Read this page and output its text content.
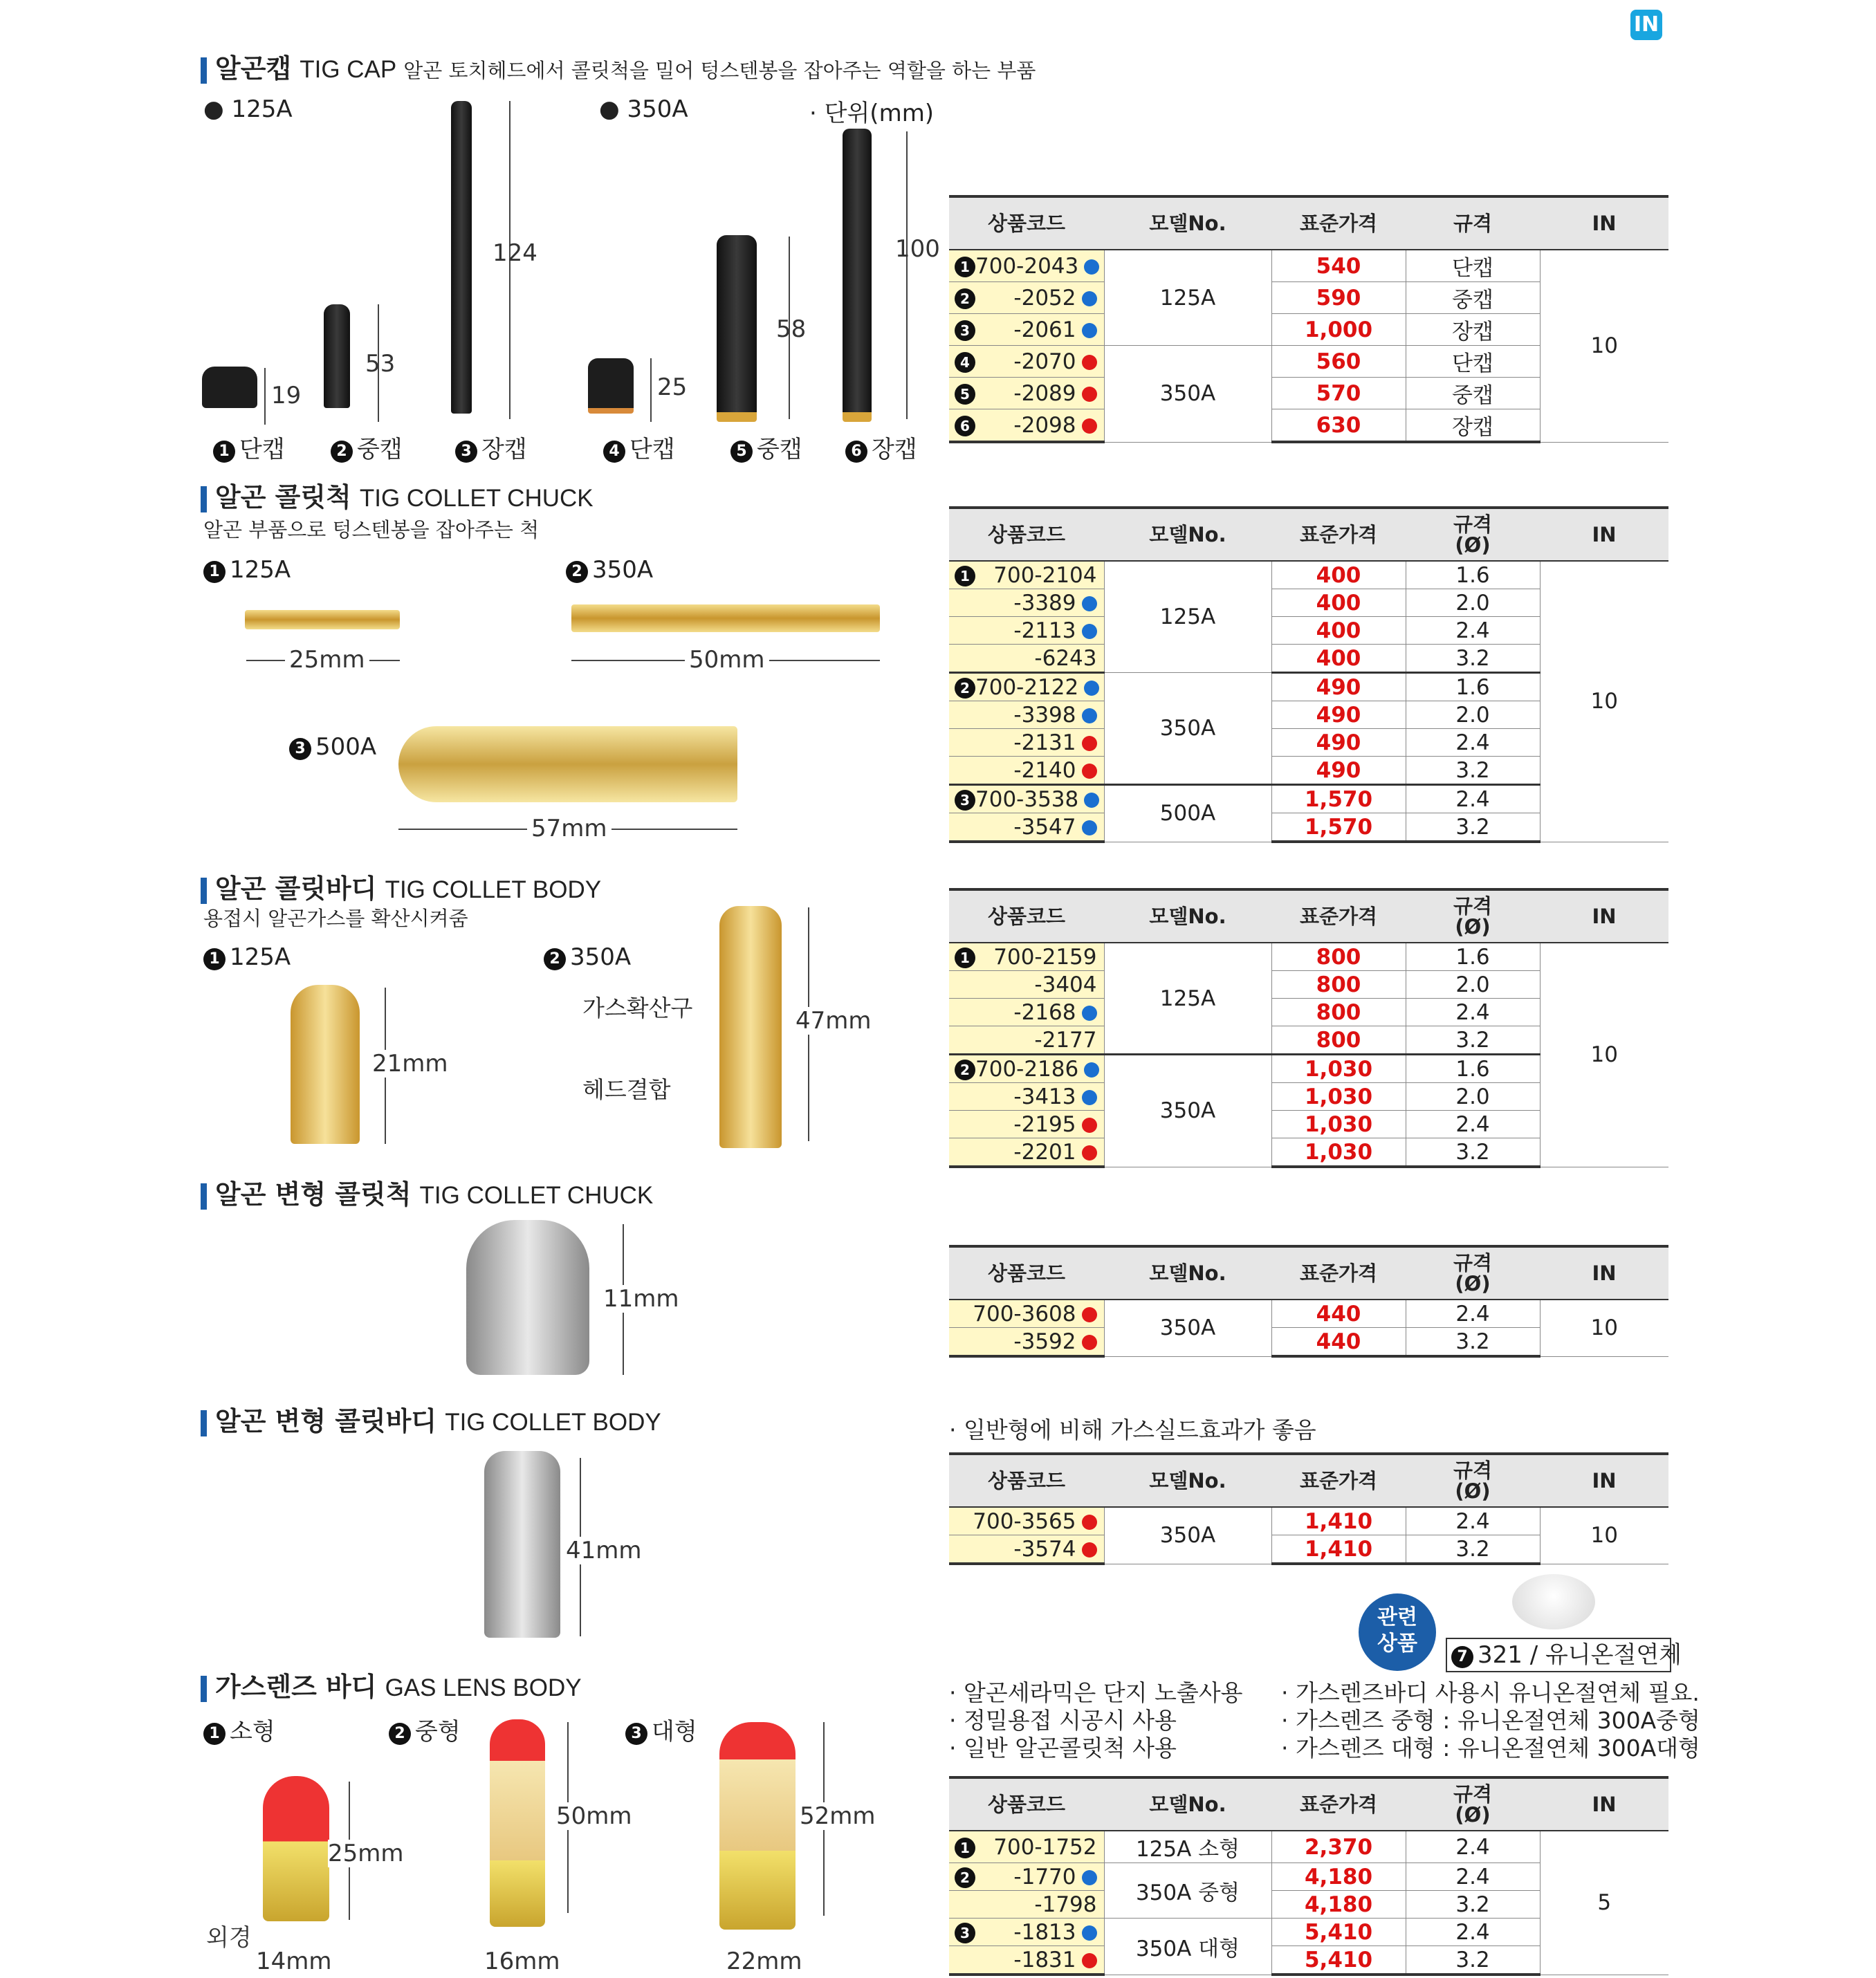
IN
알곤캡 TIG CAP 알곤 토치헤드에서 콜릿척을 밀어 텅스텐봉을 잡아주는 역할을 하는 부품
● 125A	● 350A	· 단위(mm)
19
53
124
25
58
100
1 단캡	2 중캡	3 장캡	4 단캡	5 중캡	6 장캡
상품코드	모델No.	표준가격	규격	IN

1 700-2043	125A	540	단캡	10

2 -2052		590	중캡	

3 -2061		1,000	장캡	

4 -2070	350A	560	단캡	

5 -2089		570	중캡	

6 -2098		630	장캡	
알곤 콜릿척 TIG COLLET CHUCK
알곤 부품으로 텅스텐봉을 잡아주는 척
1 125A	2 350A
3 500A
25mm	50mm
57mm
상품코드	모델No.	표준가격	규격
(Ø)	IN

1 700-2104	125A	400	1.6	10
-3389		400	2.0	
-2113		400	2.4	
-6243		400	3.2	

2 700-2122	350A	490	1.6	
-3398		490	2.0	
-2131		490	2.4	
-2140		490	3.2	

3 700-3538	500A	1,570	2.4	
-3547		1,570	3.2	
알곤 콜릿바디 TIG COLLET BODY
용접시 알곤가스를 확산시켜줌
1 125A	2 350A
21mm
47mm
가스확산구
헤드결합
상품코드	모델No.	표준가격	규격
(Ø)	IN

1 700-2159	125A	800	1.6	10
-3404		800	2.0	
-2168		800	2.4	
-2177		800	3.2	

2 700-2186	350A	1,030	1.6	
-3413		1,030	2.0	
-2195		1,030	2.4	
-2201		1,030	3.2	
알곤 변형 콜릿척 TIG COLLET CHUCK
11mm
상품코드	모델No.	표준가격	규격
(Ø)	IN
700-3608	350A	440	2.4	10
-3592		440	3.2	
알곤 변형 콜릿바디 TIG COLLET BODY
41mm
· 일반형에 비해 가스실드효과가 좋음
상품코드	모델No.	표준가격	규격
(Ø)	IN
700-3565	350A	1,410	2.4	10
-3574		1,410	3.2	
관련
상품
7 321 / 유니온절연체
가스렌즈 바디 GAS LENS BODY
1 소형	2 중형	3 대형
25mm
50mm	52mm
외경
14mm	16mm	22mm
· 알곤세라믹은 단지 노출사용
· 정밀용접 시공시 사용
· 일반 알곤콜릿척 사용
· 가스렌즈바디 사용시 유니온절연체 필요.
· 가스렌즈 중형 : 유니온절연체 300A중형
· 가스렌즈 대형 : 유니온절연체 300A대형
상품코드	모델No.	표준가격	규격
(Ø)	IN

1 700-1752	125A 소형	2,370	2.4	5

2 -1770	350A 중형	4,180	2.4	
-1798		4,180	3.2	

3 -1813	350A 대형	5,410	2.4	
-1831		5,410	3.2	
